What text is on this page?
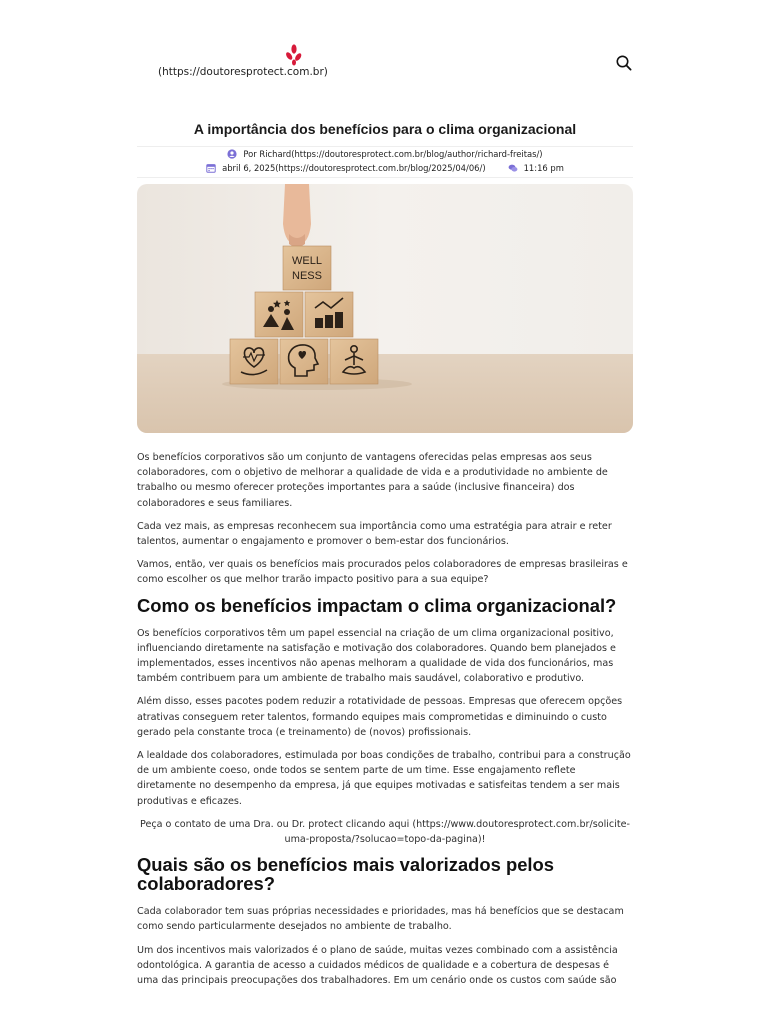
(https://doutoresprotect.com.br)
A importância dos benefícios para o clima organizacional
Por Richard(https://doutoresprotect.com.br/blog/author/richard-freitas/)
abril 6, 2025(https://doutoresprotect.com.br/blog/2025/04/06/)	11:16 pm
WELL
NESS

Os benefícios corporativos são um conjunto de vantagens oferecidas pelas empresas aos seus colaboradores, com o objetivo de melhorar a qualidade de vida e a produtividade no ambiente de trabalho ou mesmo oferecer proteções importantes para a saúde (inclusive financeira) dos colaboradores e seus familiares.

Cada vez mais, as empresas reconhecem sua importância como uma estratégia para atrair e reter talentos, aumentar o engajamento e promover o bem-estar dos funcionários.

Vamos, então, ver quais os benefícios mais procurados pelos colaboradores de empresas brasileiras e como escolher os que melhor trarão impacto positivo para a sua equipe?

Como os benefícios impactam o clima organizacional?

Os benefícios corporativos têm um papel essencial na criação de um clima organizacional positivo, influenciando diretamente na satisfação e motivação dos colaboradores. Quando bem planejados e implementados, esses incentivos não apenas melhoram a qualidade de vida dos funcionários, mas também contribuem para um ambiente de trabalho mais saudável, colaborativo e produtivo.

Além disso, esses pacotes podem reduzir a rotatividade de pessoas. Empresas que oferecem opções atrativas conseguem reter talentos, formando equipes mais comprometidas e diminuindo o custo gerado pela constante troca (e treinamento) de (novos) profissionais.

A lealdade dos colaboradores, estimulada por boas condições de trabalho, contribui para a construção de um ambiente coeso, onde todos se sentem parte de um time. Esse engajamento reflete diretamente no desempenho da empresa, já que equipes motivadas e satisfeitas tendem a ser mais produtivas e eficazes.

Peça o contato de uma Dra. ou Dr. protect clicando aqui (https://www.doutoresprotect.com.br/solicite-uma-proposta/?solucao=topo-da-pagina)!

Quais são os benefícios mais valorizados pelos colaboradores?

Cada colaborador tem suas próprias necessidades e prioridades, mas há benefícios que se destacam como sendo particularmente desejados no ambiente de trabalho.

Um dos incentivos mais valorizados é o plano de saúde, muitas vezes combinado com a assistência odontológica. A garantia de acesso a cuidados médicos de qualidade e a cobertura de despesas é uma das principais preocupações dos trabalhadores. Em um cenário onde os custos com saúde são
